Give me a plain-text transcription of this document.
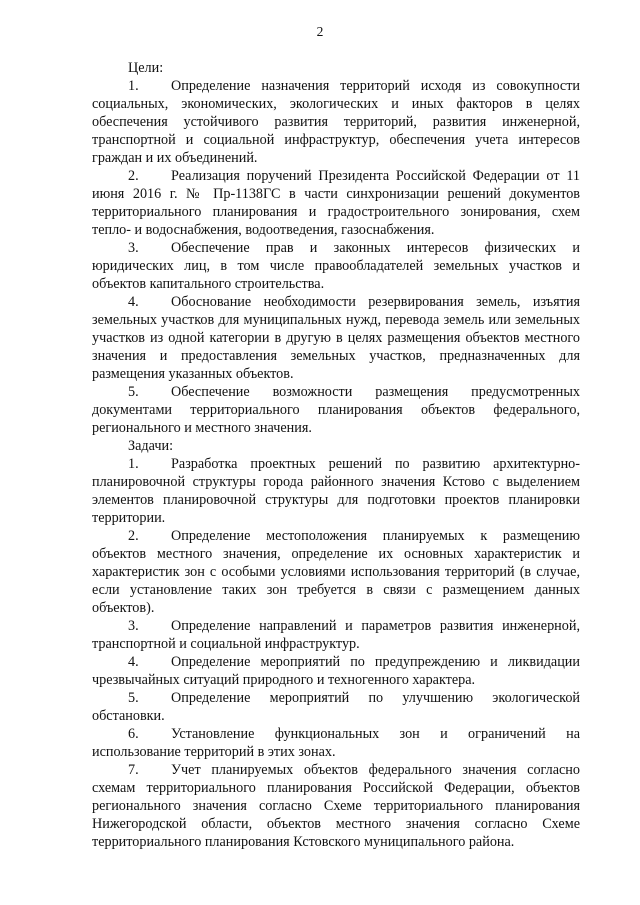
2

Цели:

1. Определение назначения территорий исходя из совокупности социальных, экономических, экологических и иных факторов в целях обеспечения устойчивого развития территорий, развития инженерной, транспортной и социальной инфраструктур, обеспечения учета интересов граждан и их объединений.

2. Реализация поручений Президента Российской Федерации от 11 июня 2016 г. № Пр-1138ГС в части синхронизации решений документов территориального планирования и градостроительного зонирования, схем тепло- и водоснабжения, водоотведения, газоснабжения.

3. Обеспечение прав и законных интересов физических и юридических лиц, в том числе правообладателей земельных участков и объектов капитального строительства.

4. Обоснование необходимости резервирования земель, изъятия земельных участков для муниципальных нужд, перевода земель или земельных участков из одной категории в другую в целях размещения объектов местного значения и предоставления земельных участков, предназначенных для размещения указанных объектов.

5. Обеспечение возможности размещения предусмотренных документами территориального планирования объектов федерального, регионального и местного значения.

Задачи:

1. Разработка проектных решений по развитию архитектурно-планировочной структуры города районного значения Кстово с выделением элементов планировочной структуры для подготовки проектов планировки территории.

2. Определение местоположения планируемых к размещению объектов местного значения, определение их основных характеристик и характеристик зон с особыми условиями использования территорий (в случае, если установление таких зон требуется в связи с размещением данных объектов).

3. Определение направлений и параметров развития инженерной, транспортной и социальной инфраструктур.

4. Определение мероприятий по предупреждению и ликвидации чрезвычайных ситуаций природного и техногенного характера.

5. Определение мероприятий по улучшению экологической обстановки.

6. Установление функциональных зон и ограничений на использование территорий в этих зонах.

7. Учет планируемых объектов федерального значения согласно схемам территориального планирования Российской Федерации, объектов регионального значения согласно Схеме территориального планирования Нижегородской области, объектов местного значения согласно Схеме территориального планирования Кстовского муниципального района.
